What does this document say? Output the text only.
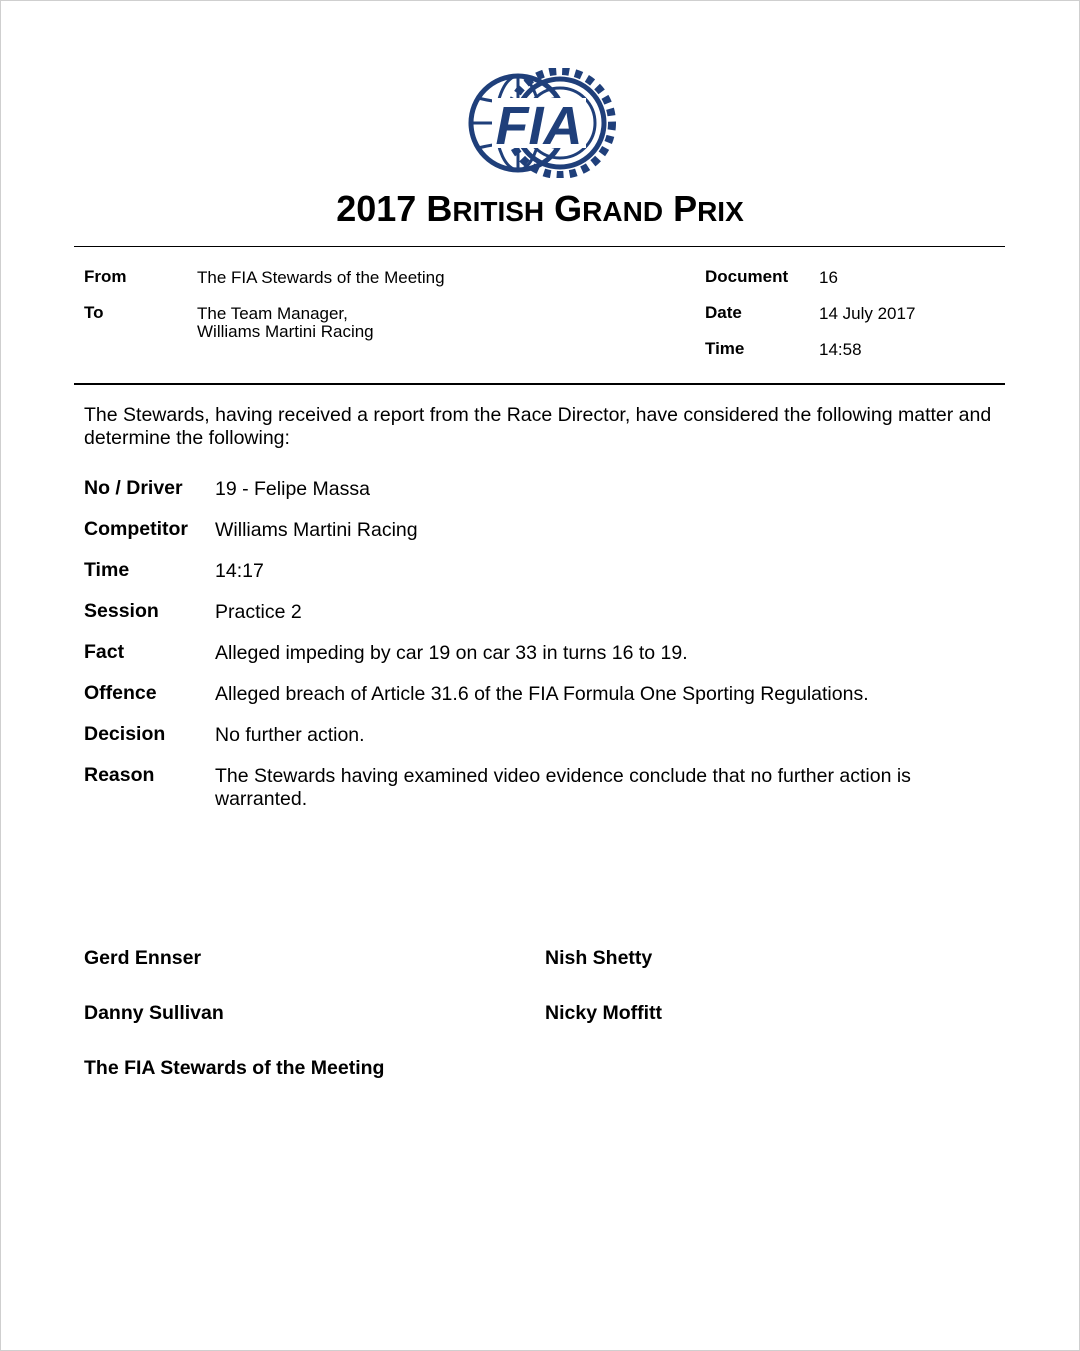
FIA
2017 BRITISH GRAND PRIX
From	The FIA Stewards of the Meeting
To	The Team Manager,
Williams Martini Racing
Document 16
Date	14 July 2017
Time	14:58
The Stewards, having received a report from the Race Director, have considered the following matter and determine the following:
No / Driver 19 - Felipe Massa
Competitor Williams Martini Racing
Time	14:17
Session	Practice 2
Fact	Alleged impeding by car 19 on car 33 in turns 16 to 19.
Offence	Alleged breach of Article 31.6 of the FIA Formula One Sporting Regulations.
Decision	No further action.
Reason	The Stewards having examined video evidence conclude that no further action is warranted.
Gerd Ennser	Nish Shetty
Danny Sullivan	Nicky Moffitt
The FIA Stewards of the Meeting
